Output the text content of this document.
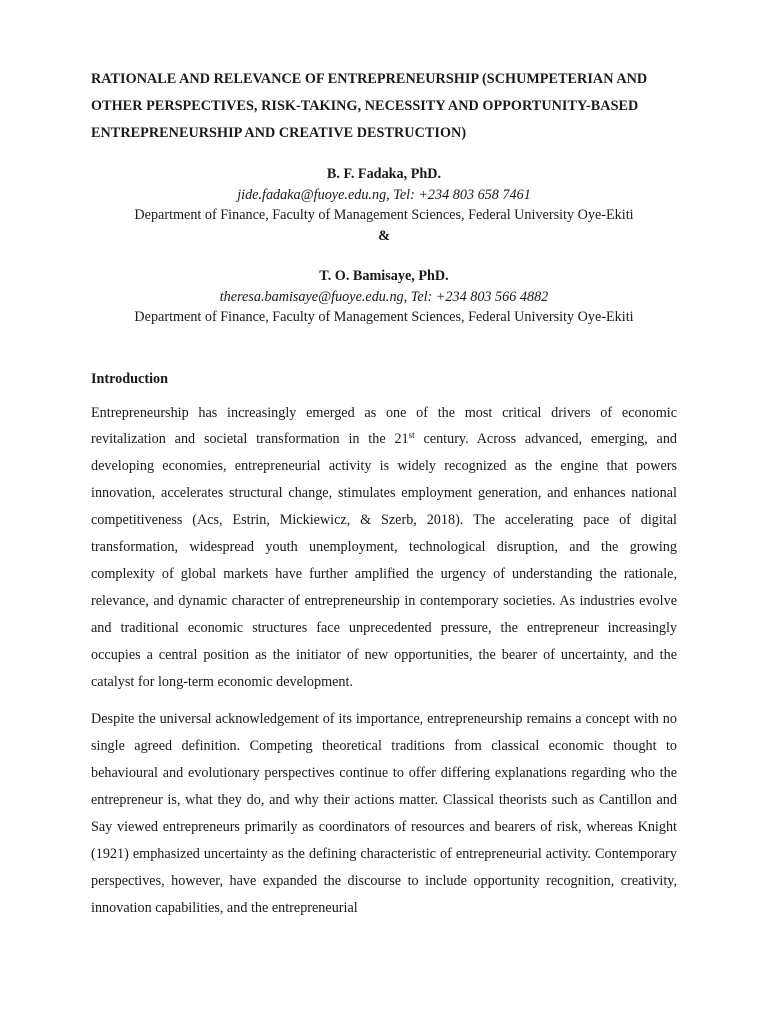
RATIONALE AND RELEVANCE OF ENTREPRENEURSHIP (SCHUMPETERIAN AND OTHER PERSPECTIVES, RISK-TAKING, NECESSITY AND OPPORTUNITY-BASED ENTREPRENEURSHIP AND CREATIVE DESTRUCTION)

B. F. Fadaka, PhD.
jide.fadaka@fuoye.edu.ng, Tel: +234 803 658 7461
Department of Finance, Faculty of Management Sciences, Federal University Oye-Ekiti
&
T. O. Bamisaye, PhD.
theresa.bamisaye@fuoye.edu.ng, Tel: +234 803 566 4882
Department of Finance, Faculty of Management Sciences, Federal University Oye-Ekiti

Introduction

Entrepreneurship has increasingly emerged as one of the most critical drivers of economic revitalization and societal transformation in the 21st century. Across advanced, emerging, and developing economies, entrepreneurial activity is widely recognized as the engine that powers innovation, accelerates structural change, stimulates employment generation, and enhances national competitiveness (Acs, Estrin, Mickiewicz, & Szerb, 2018). The accelerating pace of digital transformation, widespread youth unemployment, technological disruption, and the growing complexity of global markets have further amplified the urgency of understanding the rationale, relevance, and dynamic character of entrepreneurship in contemporary societies. As industries evolve and traditional economic structures face unprecedented pressure, the entrepreneur increasingly occupies a central position as the initiator of new opportunities, the bearer of uncertainty, and the catalyst for long-term economic development.

Despite the universal acknowledgement of its importance, entrepreneurship remains a concept with no single agreed definition. Competing theoretical traditions from classical economic thought to behavioural and evolutionary perspectives continue to offer differing explanations regarding who the entrepreneur is, what they do, and why their actions matter. Classical theorists such as Cantillon and Say viewed entrepreneurs primarily as coordinators of resources and bearers of risk, whereas Knight (1921) emphasized uncertainty as the defining characteristic of entrepreneurial activity. Contemporary perspectives, however, have expanded the discourse to include opportunity recognition, creativity, innovation capabilities, and the entrepreneurial
